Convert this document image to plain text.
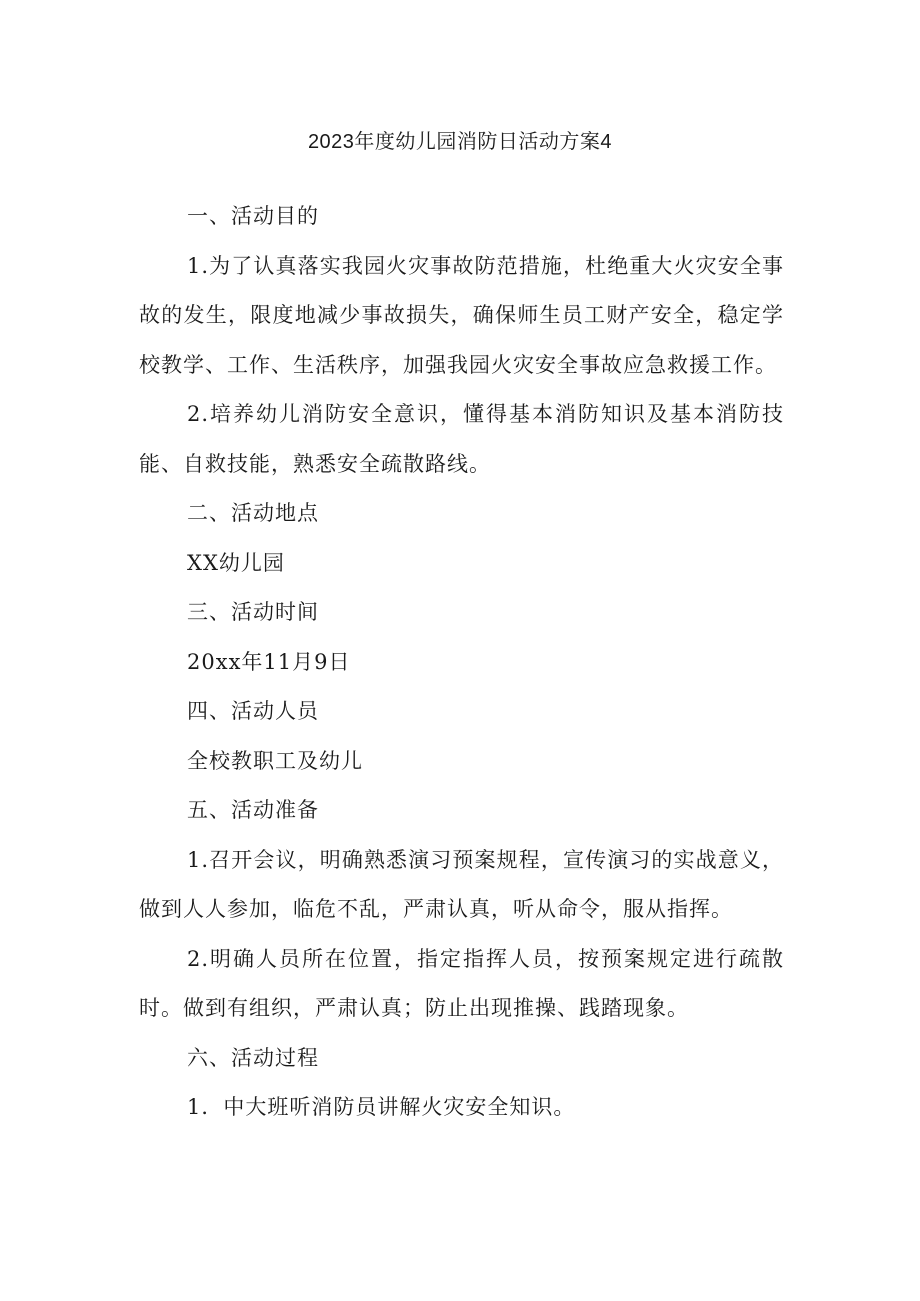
2023年度幼儿园消防日活动方案4

一、活动目的

1.为了认真落实我园火灾事故防范措施，杜绝重大火灾安全事故的发生，限度地减少事故损失，确保师生员工财产安全，稳定学校教学、工作、生活秩序，加强我园火灾安全事故应急救援工作。

2.培养幼儿消防安全意识，懂得基本消防知识及基本消防技能、自救技能，熟悉安全疏散路线。

二、活动地点

XX幼儿园

三、活动时间

20xx年11月9日

四、活动人员

全校教职工及幼儿

五、活动准备

1.召开会议，明确熟悉演习预案规程，宣传演习的实战意义，做到人人参加，临危不乱，严肃认真，听从命令，服从指挥。

2.明确人员所在位置，指定指挥人员，按预案规定进行疏散时。做到有组织，严肃认真；防止出现推操、践踏现象。

六、活动过程

1．中大班听消防员讲解火灾安全知识。
